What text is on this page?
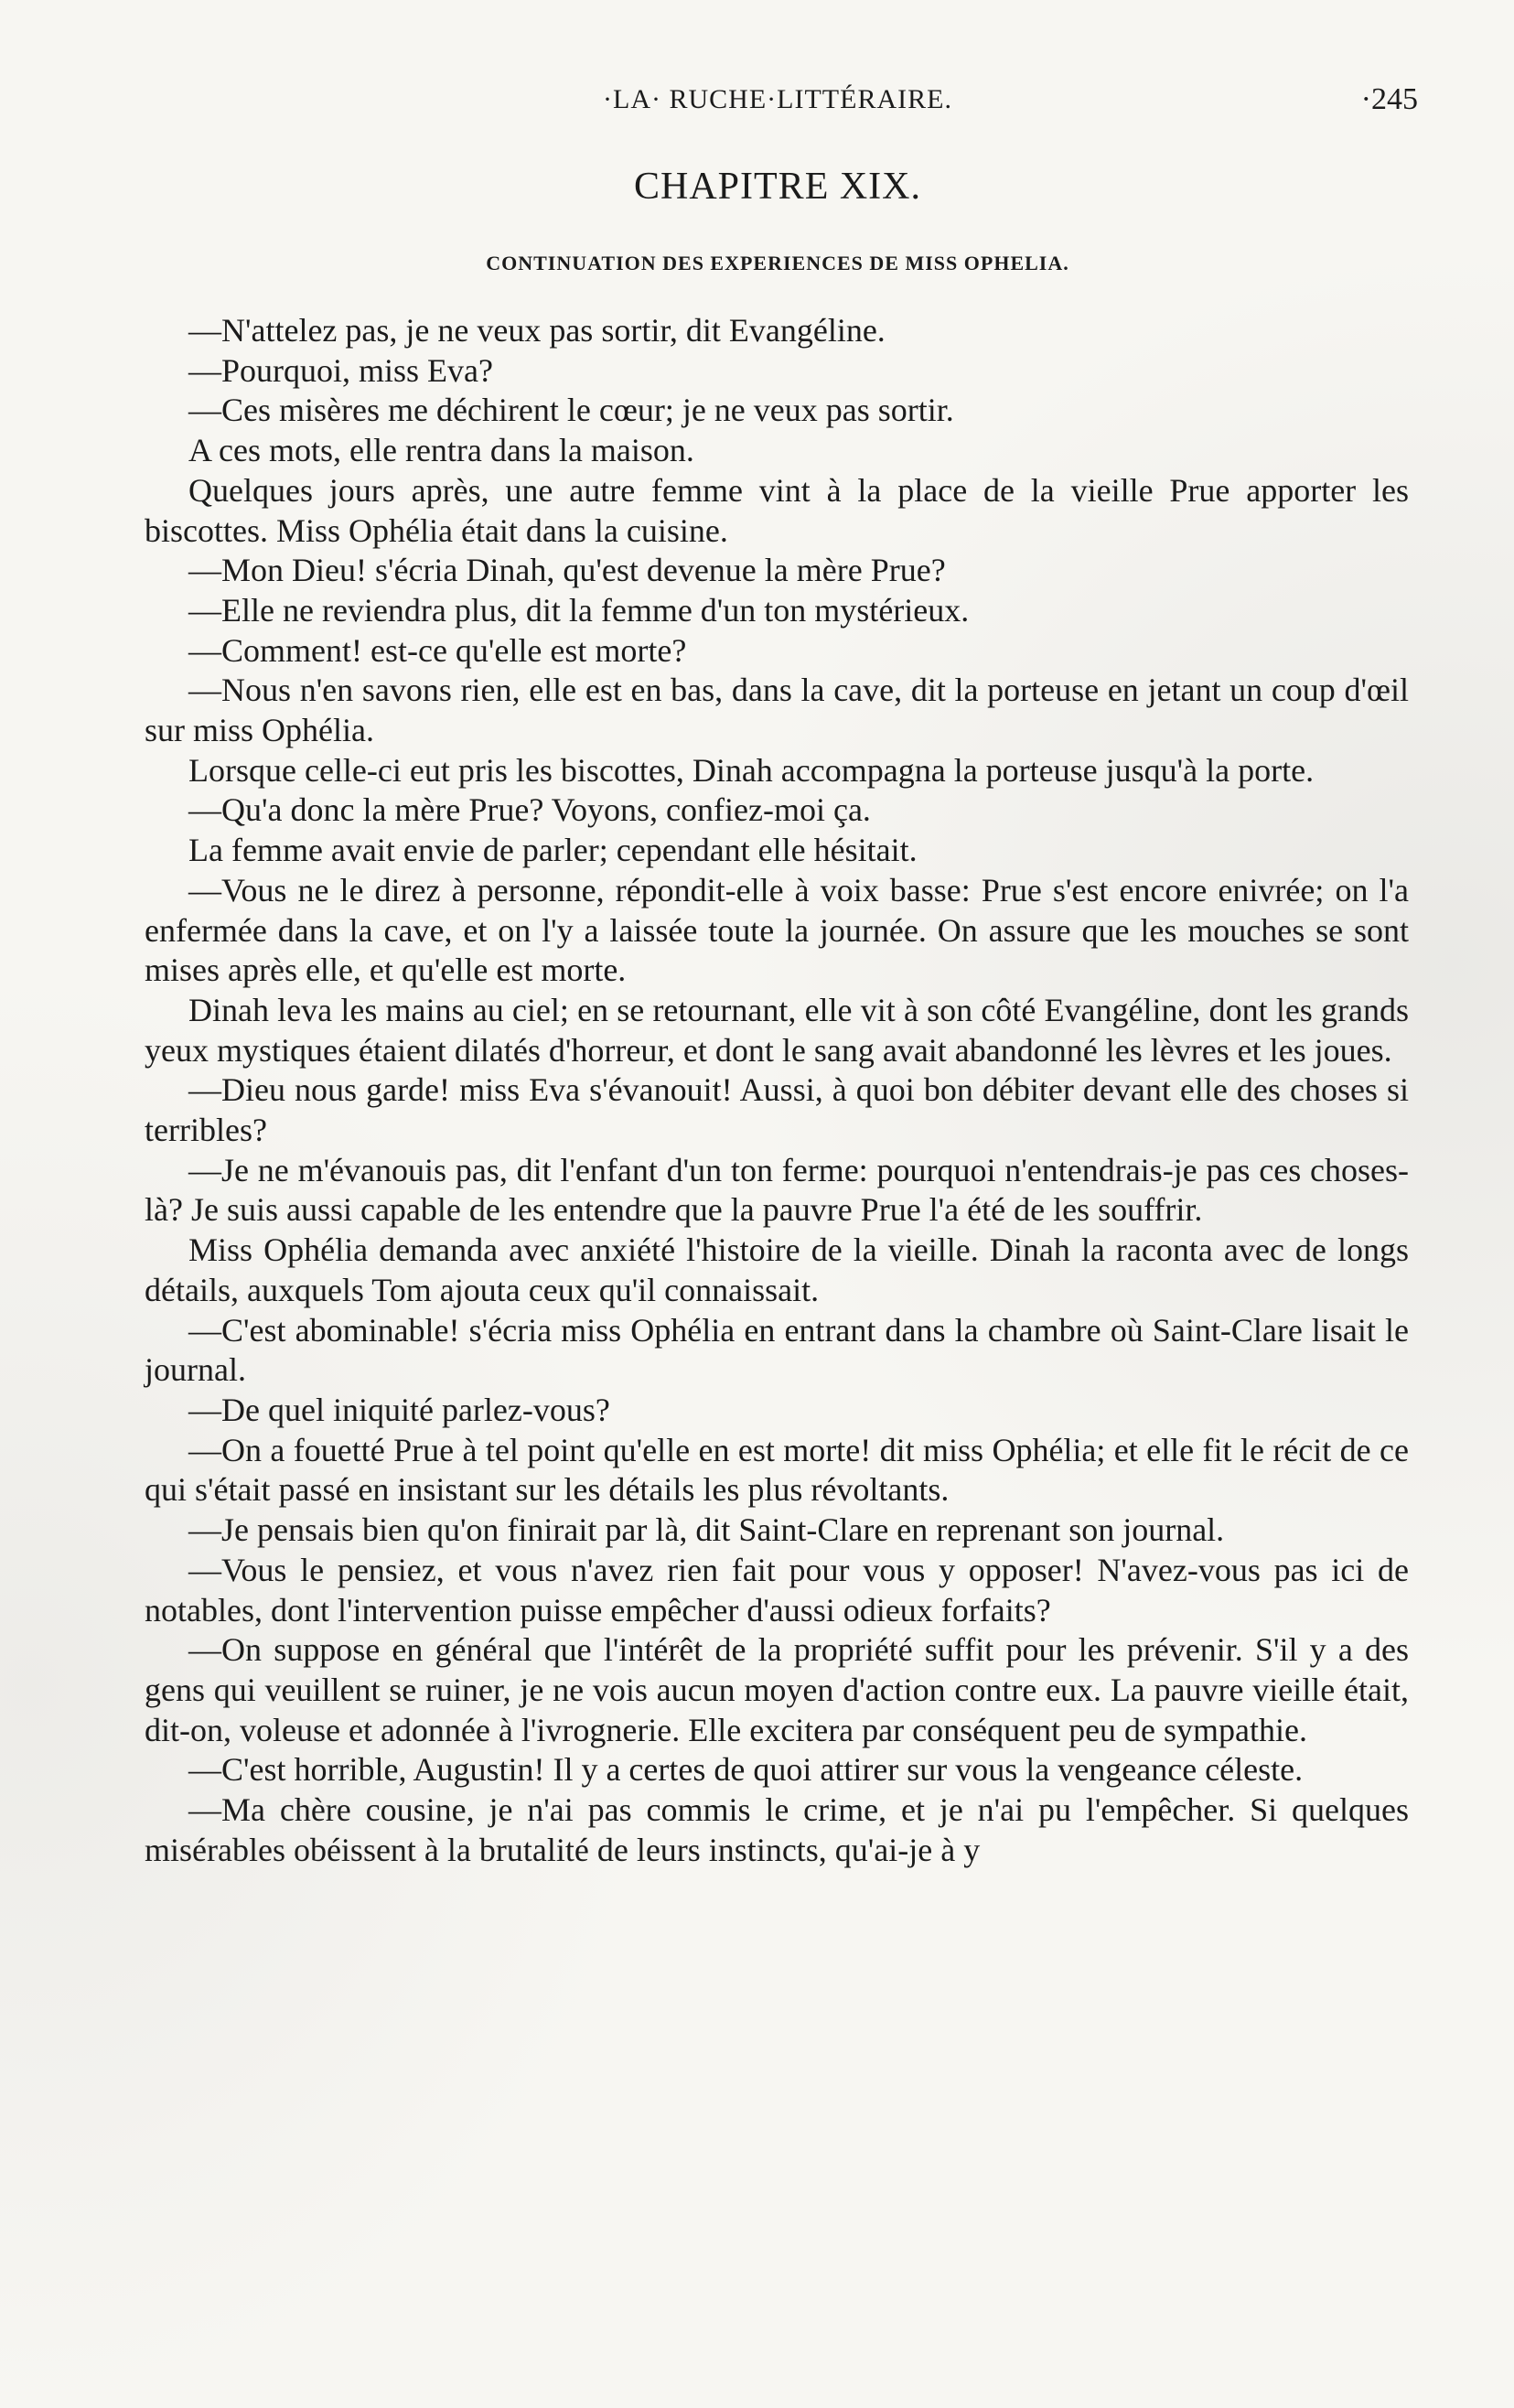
·LA· RUCHE·LITTÉRAIRE.	·245
CHAPITRE XIX.
CONTINUATION DES EXPERIENCES DE MISS OPHELIA.

—N'attelez pas, je ne veux pas sortir, dit Evangéline.

—Pourquoi, miss Eva?

—Ces misères me déchirent le cœur; je ne veux pas sortir.

A ces mots, elle rentra dans la maison.

Quelques jours après, une autre femme vint à la place de la vieille Prue apporter les biscottes. Miss Ophélia était dans la cuisine.

—Mon Dieu! s'écria Dinah, qu'est devenue la mère Prue?

—Elle ne reviendra plus, dit la femme d'un ton mystérieux.

—Comment! est-ce qu'elle est morte?

—Nous n'en savons rien, elle est en bas, dans la cave, dit la porteuse en jetant un coup d'œil sur miss Ophélia.

Lorsque celle-ci eut pris les biscottes, Dinah accompagna la porteuse jusqu'à la porte.

—Qu'a donc la mère Prue? Voyons, confiez-moi ça.

La femme avait envie de parler; cependant elle hésitait.

—Vous ne le direz à personne, répondit-elle à voix basse: Prue s'est encore enivrée; on l'a enfermée dans la cave, et on l'y a laissée toute la journée. On assure que les mouches se sont mises après elle, et qu'elle est morte.

Dinah leva les mains au ciel; en se retournant, elle vit à son côté Evangéline, dont les grands yeux mystiques étaient dilatés d'horreur, et dont le sang avait abandonné les lèvres et les joues.

—Dieu nous garde! miss Eva s'évanouit! Aussi, à quoi bon débiter devant elle des choses si terribles?

—Je ne m'évanouis pas, dit l'enfant d'un ton ferme: pourquoi n'entendrais-je pas ces choses-là? Je suis aussi capable de les entendre que la pauvre Prue l'a été de les souffrir.

Miss Ophélia demanda avec anxiété l'histoire de la vieille. Dinah la raconta avec de longs détails, auxquels Tom ajouta ceux qu'il connaissait.

—C'est abominable! s'écria miss Ophélia en entrant dans la chambre où Saint-Clare lisait le journal.

—De quel iniquité parlez-vous?

—On a fouetté Prue à tel point qu'elle en est morte! dit miss Ophélia; et elle fit le récit de ce qui s'était passé en insistant sur les détails les plus révoltants.

—Je pensais bien qu'on finirait par là, dit Saint-Clare en reprenant son journal.

—Vous le pensiez, et vous n'avez rien fait pour vous y opposer! N'avez-vous pas ici de notables, dont l'intervention puisse empêcher d'aussi odieux forfaits?

—On suppose en général que l'intérêt de la propriété suffit pour les prévenir. S'il y a des gens qui veuillent se ruiner, je ne vois aucun moyen d'action contre eux. La pauvre vieille était, dit-on, voleuse et adonnée à l'ivrognerie. Elle excitera par conséquent peu de sympathie.

—C'est horrible, Augustin! Il y a certes de quoi attirer sur vous la vengeance céleste.

—Ma chère cousine, je n'ai pas commis le crime, et je n'ai pu l'empêcher. Si quelques misérables obéissent à la brutalité de leurs instincts, qu'ai-je à y
